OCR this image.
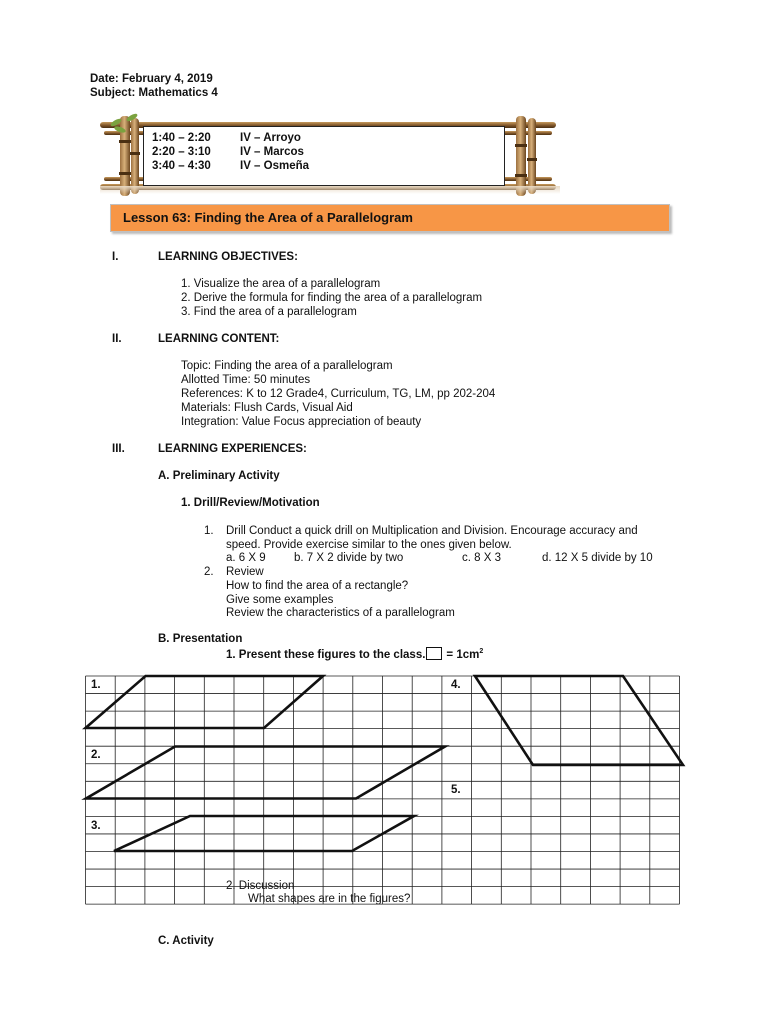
Date: February 4, 2019
Subject: Mathematics 4
1:40 – 2:20	IV – Arroyo
2:20 – 3:10	IV – Marcos
3:40 – 4:30	IV – Osmeña
Lesson 63: Finding the Area of a Parallelogram
I.	LEARNING OBJECTIVES:
1. Visualize the area of a parallelogram
2. Derive the formula for finding the area of a parallelogram
3. Find the area of a parallelogram
II.	LEARNING CONTENT:
Topic: Finding the area of a parallelogram
Allotted Time: 50 minutes
References: K to 12 Grade4, Curriculum, TG, LM, pp 202-204
Materials: Flush Cards, Visual Aid
Integration: Value Focus appreciation of beauty
III.	LEARNING EXPERIENCES:
A. Preliminary Activity
1. Drill/Review/Motivation
1. Drill Conduct a quick drill on Multiplication and Division. Encourage accuracy and
speed. Provide exercise similar to the ones given below.
a. 6 X 9 b. 7 X 2 divide by two	c. 8 X 3	d. 12 X 5 divide by 10
2. Review
How to find the area of a rectangle?
Give some examples
Review the characteristics of a parallelogram
B. Presentation
1. Present these figures to the class. = $1cm^2$
1.
2.
3.
4.
5.
2. Discussion
What shapes are in the figures?
C. Activity
